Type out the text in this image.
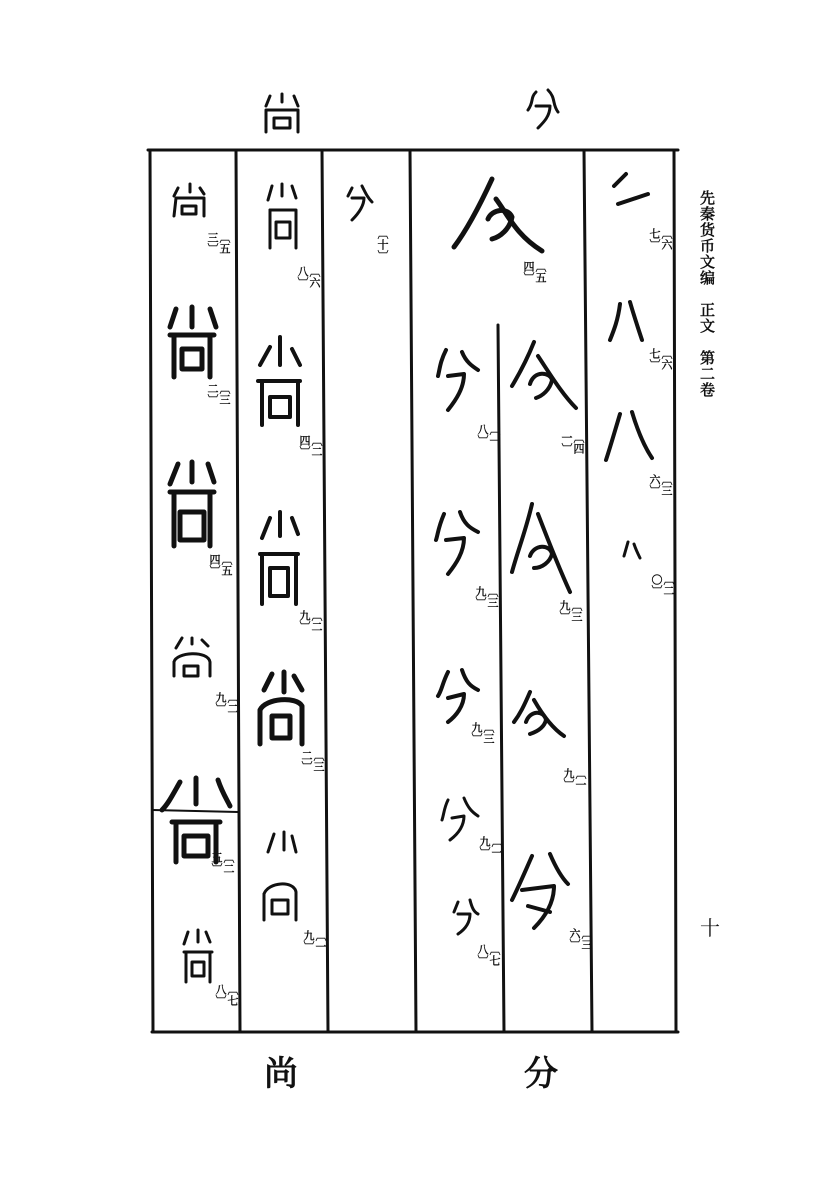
先秦货币文编　正文　第二卷
十
〔五三〕
〔三二〕
〔五四〕
〔二九〕
〔二五〕
〔七八〕
〔六八〕
〔二四〕
〔二九〕
〔三二〕
〔一九〕
〔十〕
〔五四〕
〔一八〕
〔三九〕
〔三九〕
〔一九〕
〔七八〕
〔四一〕
〔三九〕
〔一九〕
〔三六〕
〔六七〕
〔六七〕
〔三六〕
〔二〇〕
尚	分
